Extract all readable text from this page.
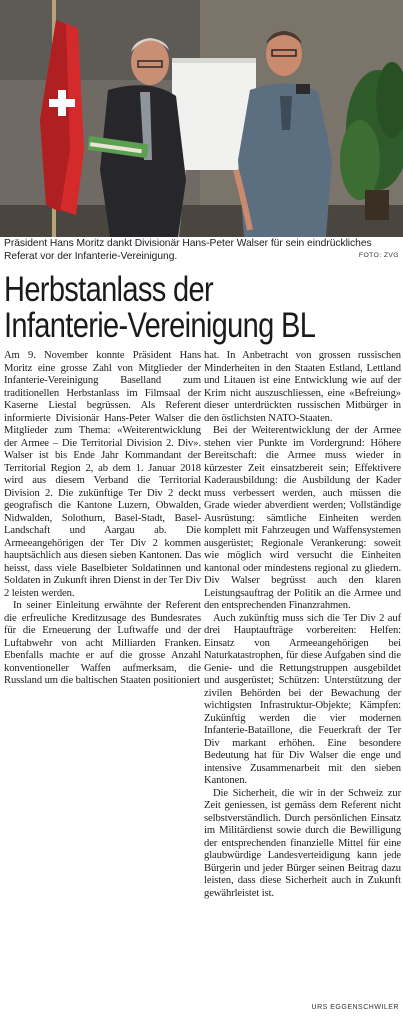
Präsident Hans Moritz dankt Divisionär Hans-Peter Walser für sein eindrückliches Referat vor der Infanterie-Vereinigung.	FOTO: ZVG
Herbstanlass der
Infanterie-Vereinigung BL

Am 9. November konnte Präsident Hans Moritz eine grosse Zahl von Mitglieder der Infanterie-Vereinigung Baselland zum traditionellen Herbstanlass im Filmsaal der Kaserne Liestal begrüssen. Als Referent informierte Divisionär Hans-Peter Walser die Mitglieder zum Thema: «Weiterentwicklung der Armee – Die Territorial Division 2. Div». Walser ist bis Ende Jahr Kommandant der Territorial Region 2, ab dem 1. Januar 2018 wird aus diesem Verband die Territorial Division 2. Die zukünftige Ter Div 2 deckt geografisch die Kantone Luzern, Obwalden, Nidwalden, Solothurn, Basel-Stadt, Basel-Landschaft und Aargau ab. Die Armeeangehörigen der Ter Div 2 kommen hauptsächlich aus diesen sieben Kantonen. Das heisst, dass viele Baselbieter Soldatinnen und Soldaten in Zukunft ihren Dienst in der Ter Div 2 leisten werden.

In seiner Einleitung erwähnte der Referent die erfreuliche Kreditzusage des Bundesrates für die Erneuerung der Luftwaffe und der Luftabwehr von acht Milliarden Franken. Ebenfalls machte er auf die grosse Anzahl konventioneller Waffen aufmerksam, die Russland um die baltischen Staaten positioniert

hat. In Anbetracht von grossen russischen Minderheiten in den Staaten Estland, Lettland und Litauen ist eine Entwicklung wie auf der Krim nicht auszuschliessen, eine «Befreiung» dieser unterdrückten russischen Mitbürger in den östlichsten NATO-Staaten.

Bei der Weiterentwicklung der der Armee stehen vier Punkte im Vordergrund: Höhere Bereitschaft: die Armee muss wieder in kürzester Zeit einsatzbereit sein; Effektivere Kaderausbildung: die Ausbildung der Kader muss verbessert werden, auch müssen die Grade wieder abverdient werden; Vollständige Ausrüstung: sämtliche Einheiten werden komplett mit Fahrzeugen und Waffensystemen ausgerüstet; Regionale Verankerung: soweit wie möglich wird versucht die Einheiten kantonal oder mindestens regional zu gliedern. Div Walser begrüsst auch den klaren Leistungsauftrag der Politik an die Armee und den entsprechenden Finanzrahmen.

Auch zukünftig muss sich die Ter Div 2 auf drei Hauptaufträge vorbereiten: Helfen: Einsatz von Armeeangehörigen bei Naturkatastrophen, für diese Aufgaben sind die Genie- und die Rettungstruppen ausgebildet und ausgerüstet; Schützen: Unterstützung der zivilen Behörden bei der Bewachung der wichtigsten Infrastruktur-Objekte; Kämpfen: Zukünftig werden die vier modernen Infanterie-Bataillone, die Feuerkraft der Ter Div markant erhöhen. Eine besondere Bedeutung hat für Div Walser die enge und intensive Zusammenarbeit mit den sieben Kantonen.

Die Sicherheit, die wir in der Schweiz zur Zeit geniessen, ist gemäss dem Referent nicht selbstverständlich. Durch persönlichen Einsatz im Militärdienst sowie durch die Bewilligung der entsprechenden finanzielle Mittel für eine glaubwürdige Landesverteidigung kann jede Bürgerin und jeder Bürger seinen Beitrag dazu leisten, dass diese Sicherheit auch in Zukunft gewährleistet ist.

URS EGGENSCHWILER
